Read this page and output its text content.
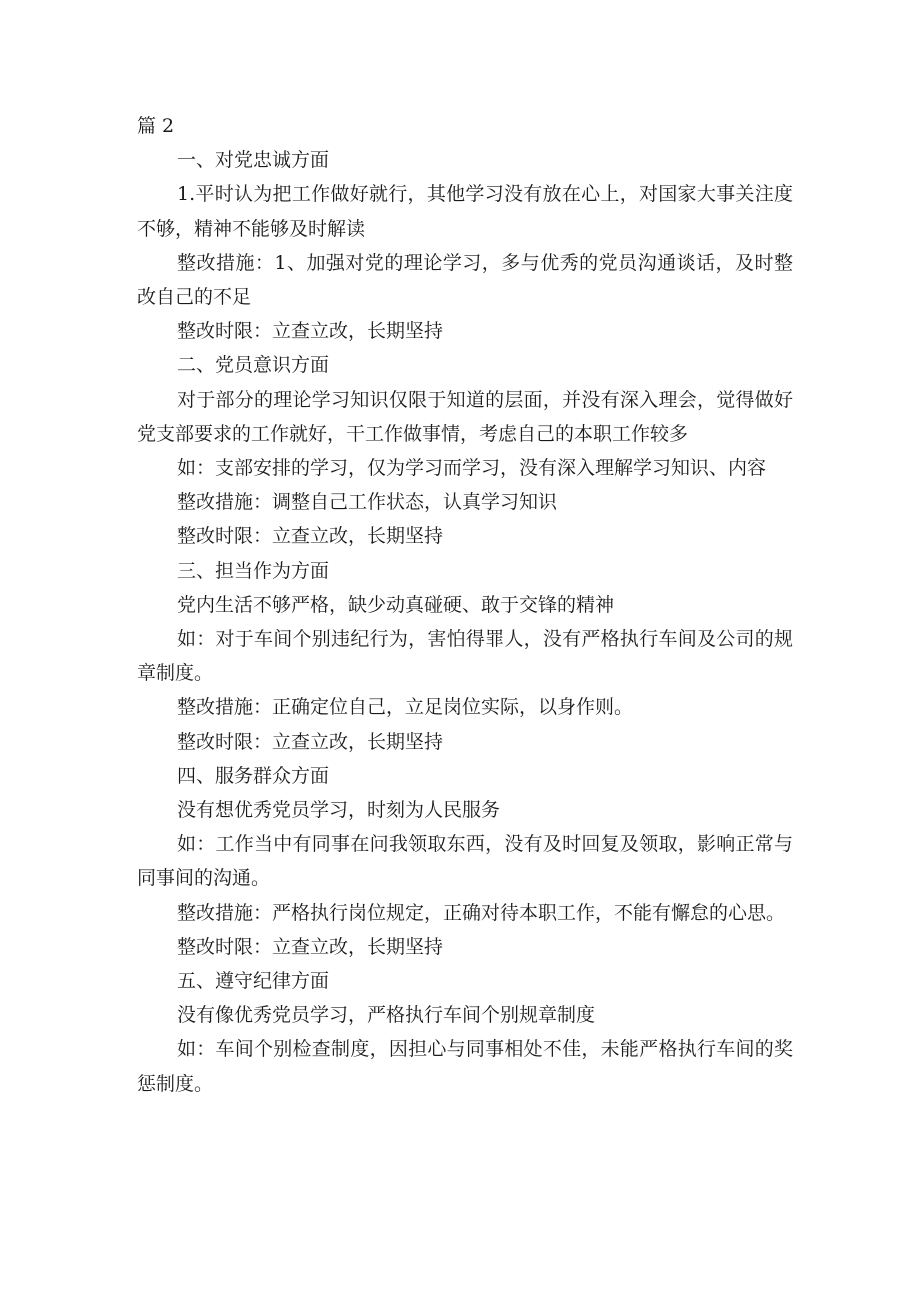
篇 2

一、对党忠诚方面

1.平时认为把工作做好就行，其他学习没有放在心上，对国家大事关注度不够，精神不能够及时解读

整改措施：1、加强对党的理论学习，多与优秀的党员沟通谈话，及时整改自己的不足

整改时限：立查立改，长期坚持

二、党员意识方面

对于部分的理论学习知识仅限于知道的层面，并没有深入理会，觉得做好党支部要求的工作就好，干工作做事情，考虑自己的本职工作较多

如：支部安排的学习，仅为学习而学习，没有深入理解学习知识、内容

整改措施：调整自己工作状态，认真学习知识

整改时限：立查立改，长期坚持

三、担当作为方面

党内生活不够严格，缺少动真碰硬、敢于交锋的精神

如：对于车间个别违纪行为，害怕得罪人，没有严格执行车间及公司的规章制度。

整改措施：正确定位自己，立足岗位实际，以身作则。

整改时限：立查立改，长期坚持

四、服务群众方面

没有想优秀党员学习，时刻为人民服务

如：工作当中有同事在问我领取东西，没有及时回复及领取，影响正常与同事间的沟通。

整改措施：严格执行岗位规定，正确对待本职工作，不能有懈怠的心思。

整改时限：立查立改，长期坚持

五、遵守纪律方面

没有像优秀党员学习，严格执行车间个别规章制度

如：车间个别检查制度，因担心与同事相处不佳，未能严格执行车间的奖惩制度。
